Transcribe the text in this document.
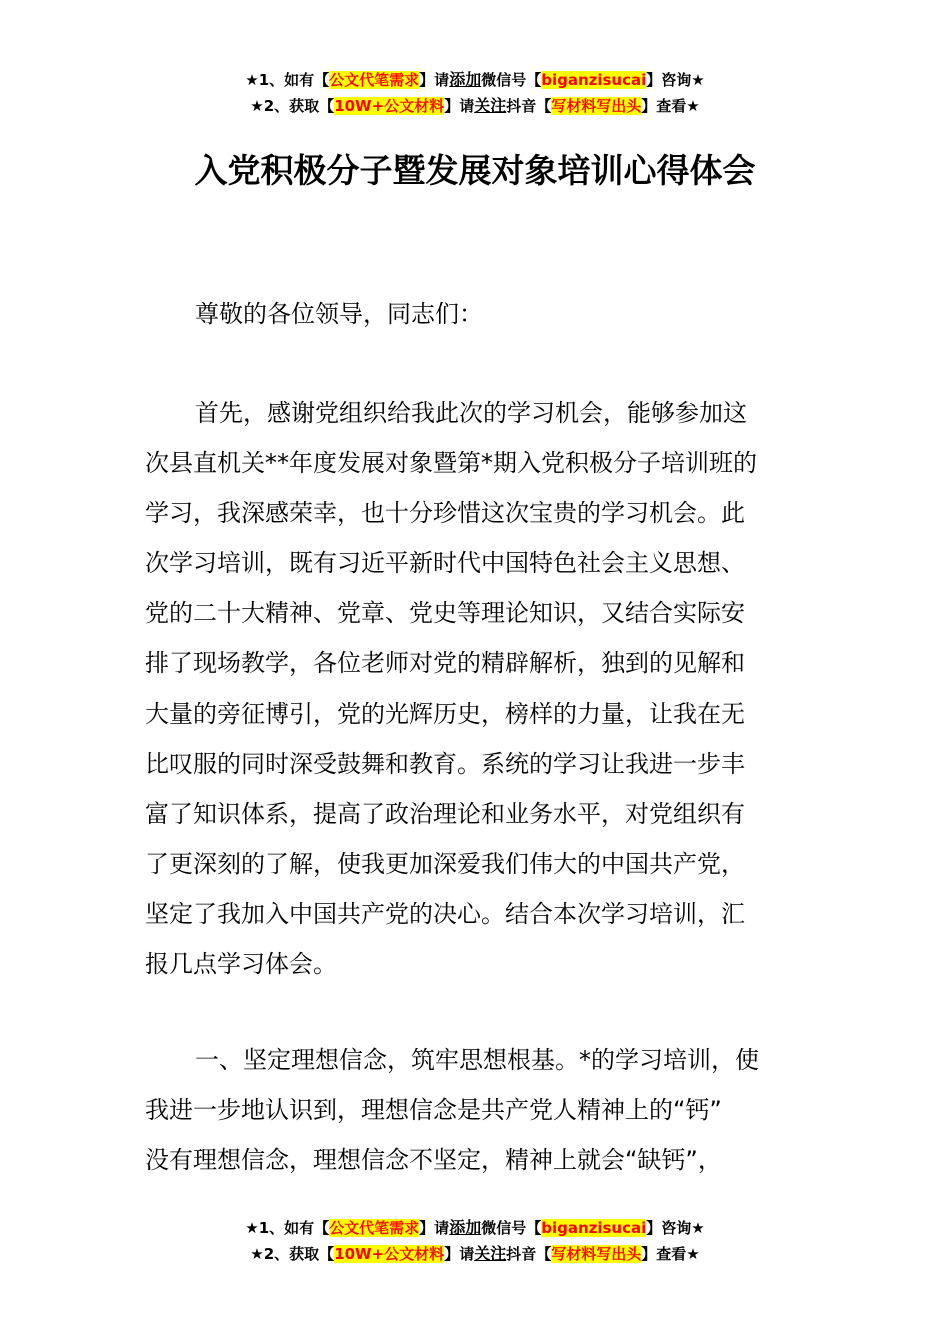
★1、如有【公文代笔需求】请添加微信号【biganzisucai】咨询★
★2、获取【10W+公文材料】请关注抖音【写材料写出头】查看★
入党积极分子暨发展对象培训心得体会
尊敬的各位领导，同志们：
首先，感谢党组织给我此次的学习机会，能够参加这
次县直机关**年度发展对象暨第*期入党积极分子培训班的
学习，我深感荣幸，也十分珍惜这次宝贵的学习机会。此
次学习培训，既有习近平新时代中国特色社会主义思想、
党的二十大精神、党章、党史等理论知识，又结合实际安
排了现场教学，各位老师对党的精辟解析，独到的见解和
大量的旁征博引，党的光辉历史，榜样的力量，让我在无
比叹服的同时深受鼓舞和教育。系统的学习让我进一步丰
富了知识体系，提高了政治理论和业务水平，对党组织有
了更深刻的了解，使我更加深爱我们伟大的中国共产党，
坚定了我加入中国共产党的决心。结合本次学习培训，汇
报几点学习体会。
一、坚定理想信念，筑牢思想根基。*的学习培训，使
我进一步地认识到，理想信念是共产党人精神上的“钙”
没有理想信念，理想信念不坚定，精神上就会“缺钙”，
★1、如有【公文代笔需求】请添加微信号【biganzisucai】咨询★
★2、获取【10W+公文材料】请关注抖音【写材料写出头】查看★
